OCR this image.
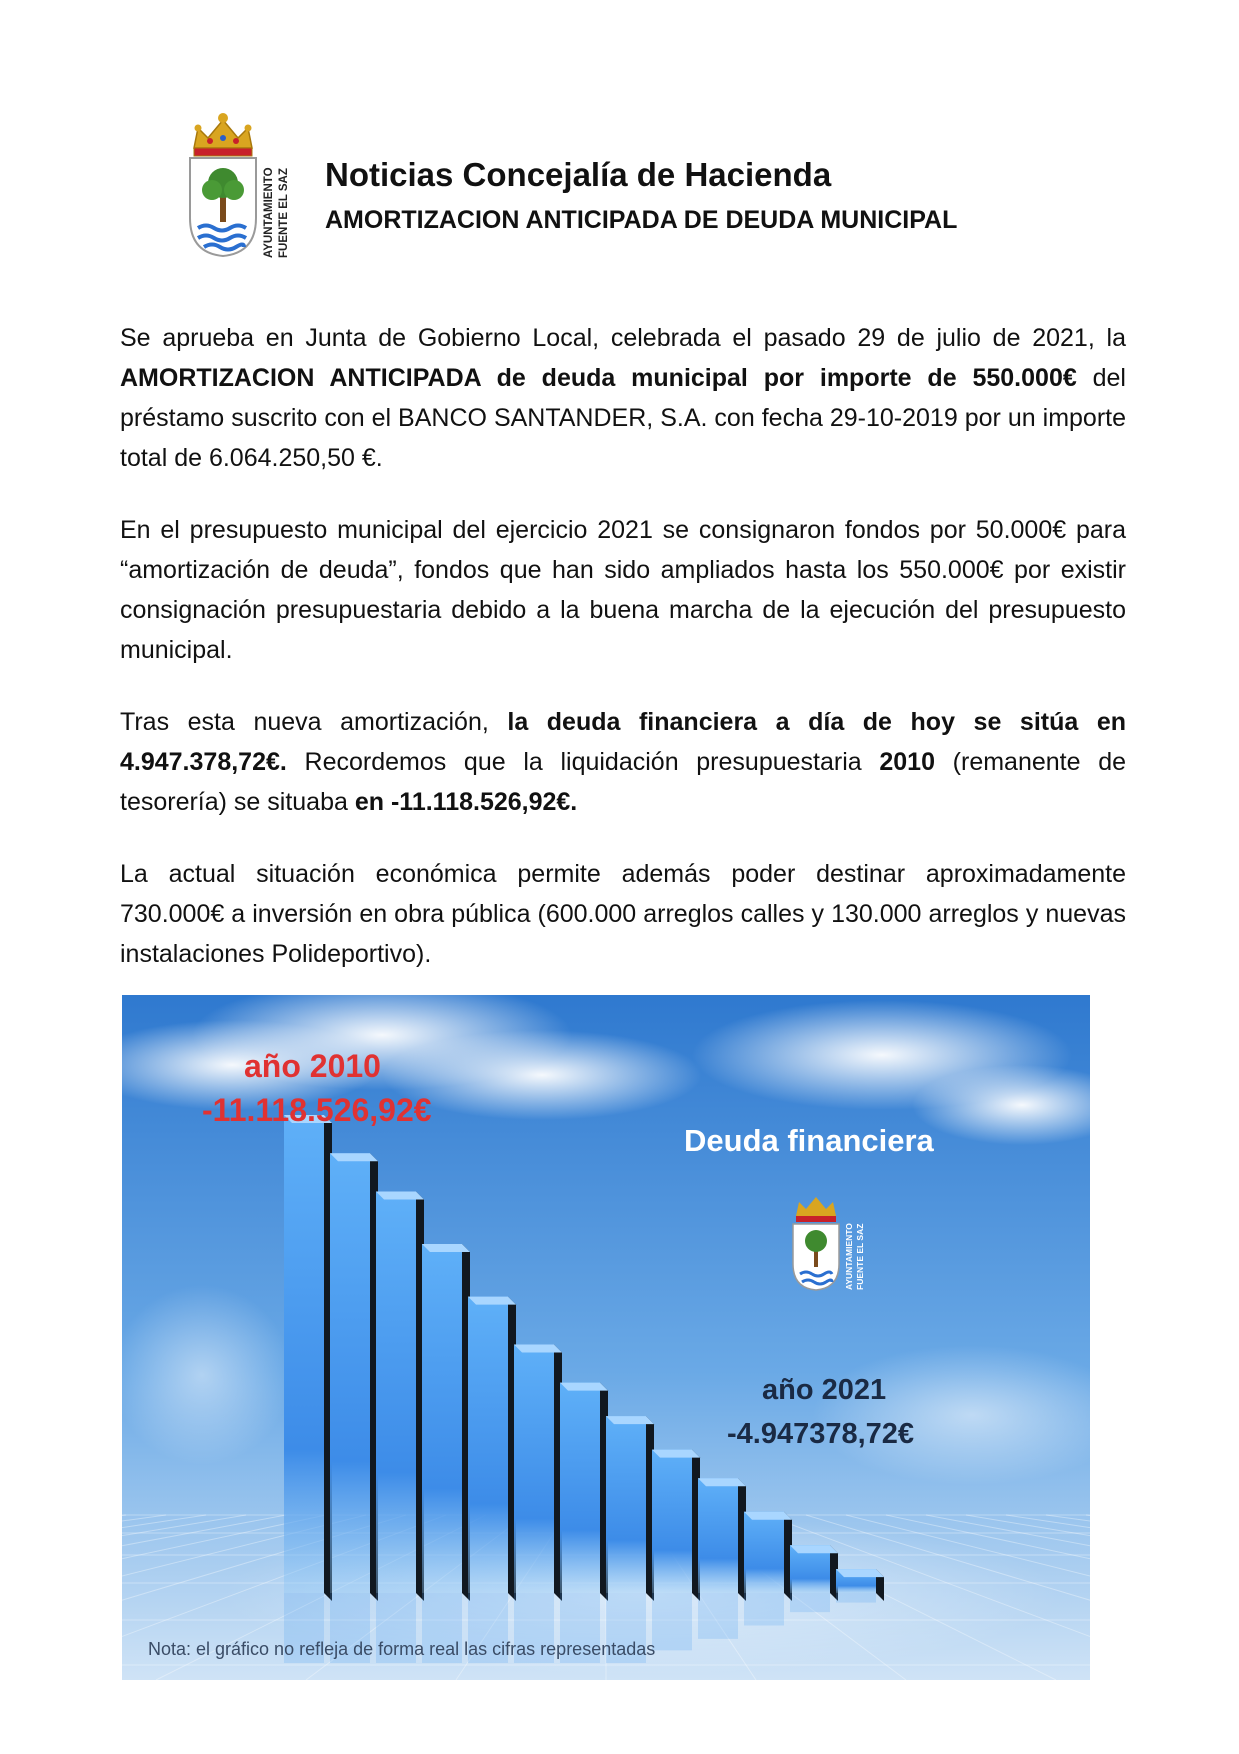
AYUNTAMIENTO FUENTE EL SAZ Noticias Concejalía de Hacienda
AMORTIZACION ANTICIPADA DE DEUDA MUNICIPAL

Se aprueba en Junta de Gobierno Local, celebrada el pasado 29 de julio de 2021, la AMORTIZACION ANTICIPADA de deuda municipal por importe de 550.000€ del préstamo suscrito con el BANCO SANTANDER, S.A. con fecha 29-10-2019 por un importe total de 6.064.250,50 €.

En el presupuesto municipal del ejercicio 2021 se consignaron fondos por 50.000€ para “amortización de deuda”, fondos que han sido ampliados hasta los 550.000€ por existir consignación presupuestaria debido a la buena marcha de la ejecución del presupuesto municipal.

Tras esta nueva amortización, la deuda financiera a día de hoy se sitúa en 4.947.378,72€. Recordemos que la liquidación presupuestaria 2010 (remanente de tesorería) se situaba en -11.118.526,92€.

La actual situación económica permite además poder destinar aproximadamente 730.000€ a inversión en obra pública (600.000 arreglos calles y 130.000 arreglos y nuevas instalaciones Polideportivo).

AYUNTAMIENTO FUENTE EL SAZ
año 2010
-11.118.526,92€
Deuda financiera
año 2021
-4.947378,72€
Nota: el gráfico no refleja de forma real las cifras representadas
